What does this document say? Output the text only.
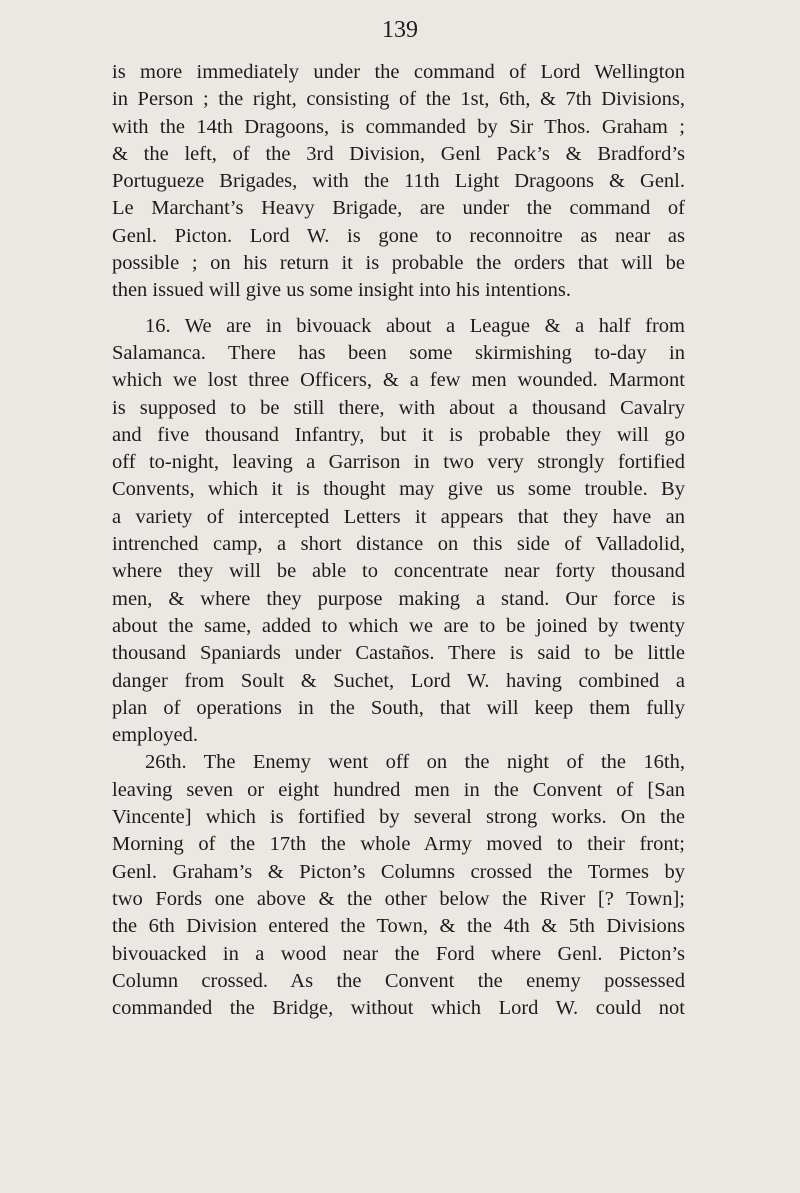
139
is more immediately under the command of Lord Wellington
in Person ; the right, consisting of the 1st, 6th, & 7th Divisions,
with the 14th Dragoons, is commanded by Sir Thos. Graham ;
& the left, of the 3rd Division, Genl Pack’s & Bradford’s
Portugueze Brigades, with the 11th Light Dragoons & Genl.
Le Marchant’s Heavy Brigade, are under the command of
Genl. Picton. Lord W. is gone to reconnoitre as near as
possible ; on his return it is probable the orders that will be
then issued will give us some insight into his intentions.
16. We are in bivouack about a League & a half from
Salamanca. There has been some skirmishing to-day in
which we lost three Officers, & a few men wounded. Marmont
is supposed to be still there, with about a thousand Cavalry
and five thousand Infantry, but it is probable they will go
off to-night, leaving a Garrison in two very strongly fortified
Convents, which it is thought may give us some trouble. By
a variety of intercepted Letters it appears that they have an
intrenched camp, a short distance on this side of Valladolid,
where they will be able to concentrate near forty thousand
men, & where they purpose making a stand. Our force is
about the same, added to which we are to be joined by twenty
thousand Spaniards under Castaños. There is said to be little
danger from Soult & Suchet, Lord W. having combined a
plan of operations in the South, that will keep them fully
employed.
26th. The Enemy went off on the night of the 16th,
leaving seven or eight hundred men in the Convent of [San
Vincente] which is fortified by several strong works. On the
Morning of the 17th the whole Army moved to their front;
Genl. Graham’s & Picton’s Columns crossed the Tormes by
two Fords one above & the other below the River [? Town];
the 6th Division entered the Town, & the 4th & 5th Divisions
bivouacked in a wood near the Ford where Genl. Picton’s
Column crossed. As the Convent the enemy possessed
commanded the Bridge, without which Lord W. could not
